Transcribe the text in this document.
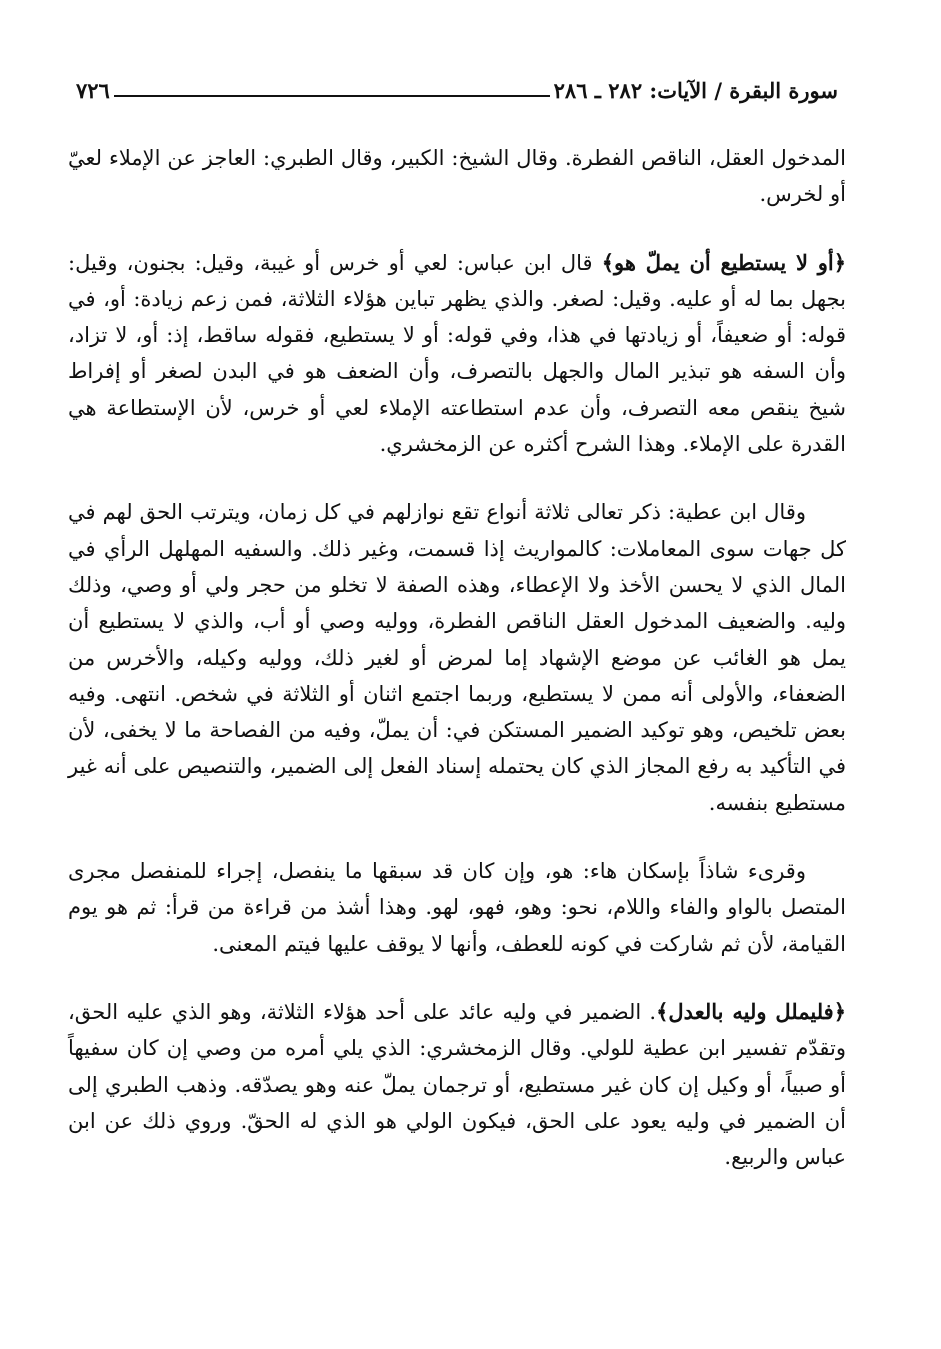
سورة البقرة / الآيات: ٢٨٢ ـ ٢٨٦
٧٢٦

المدخول العقل، الناقص الفطرة. وقال الشيخ: الكبير، وقال الطبري: العاجز عن الإملاء لعيّ أو لخرس.

﴿أو لا يستطيع أن يملّ هو﴾ قال ابن عباس: لعي أو خرس أو غيبة، وقيل: بجنون، وقيل: بجهل بما له أو عليه. وقيل: لصغر. والذي يظهر تباين هؤلاء الثلاثة، فمن زعم زيادة: أو، في قوله: أو ضعيفاً، أو زيادتها في هذا، وفي قوله: أو لا يستطيع، فقوله ساقط، إذ: أو، لا تزاد، وأن السفه هو تبذير المال والجهل بالتصرف، وأن الضعف هو في البدن لصغر أو إفراط شيخ ينقص معه التصرف، وأن عدم استطاعته الإملاء لعي أو خرس، لأن الإستطاعة هي القدرة على الإملاء. وهذا الشرح أكثره عن الزمخشري.

وقال ابن عطية: ذكر تعالى ثلاثة أنواع تقع نوازلهم في كل زمان، ويترتب الحق لهم في كل جهات سوى المعاملات: كالمواريث إذا قسمت، وغير ذلك. والسفيه المهلهل الرأي في المال الذي لا يحسن الأخذ ولا الإعطاء، وهذه الصفة لا تخلو من حجر ولي أو وصي، وذلك وليه. والضعيف المدخول العقل الناقص الفطرة، ووليه وصي أو أب، والذي لا يستطيع أن يمل هو الغائب عن موضع الإشهاد إما لمرض أو لغير ذلك، ووليه وكيله، والأخرس من الضعفاء، والأولى أنه ممن لا يستطيع، وربما اجتمع اثنان أو الثلاثة في شخص. انتهى. وفيه بعض تلخيص، وهو توكيد الضمير المستكن في: أن يملّ، وفيه من الفصاحة ما لا يخفى، لأن في التأكيد به رفع المجاز الذي كان يحتمله إسناد الفعل إلى الضمير، والتنصيص على أنه غير مستطيع بنفسه.

وقرىء شاذاً بإسكان هاء: هو، وإن كان قد سبقها ما ينفصل، إجراء للمنفصل مجرى المتصل بالواو والفاء واللام، نحو: وهو، فهو، لهو. وهذا أشذ من قراءة من قرأ: ثم هو يوم القيامة، لأن ثم شاركت في كونه للعطف، وأنها لا يوقف عليها فيتم المعنى.

﴿فليملل وليه بالعدل﴾. الضمير في وليه عائد على أحد هؤلاء الثلاثة، وهو الذي عليه الحق، وتقدّم تفسير ابن عطية للولي. وقال الزمخشري: الذي يلي أمره من وصي إن كان سفيهاً أو صبياً، أو وكيل إن كان غير مستطيع، أو ترجمان يملّ عنه وهو يصدّقه. وذهب الطبري إلى أن الضمير في وليه يعود على الحق، فيكون الولي هو الذي له الحقّ. وروي ذلك عن ابن عباس والربيع.
